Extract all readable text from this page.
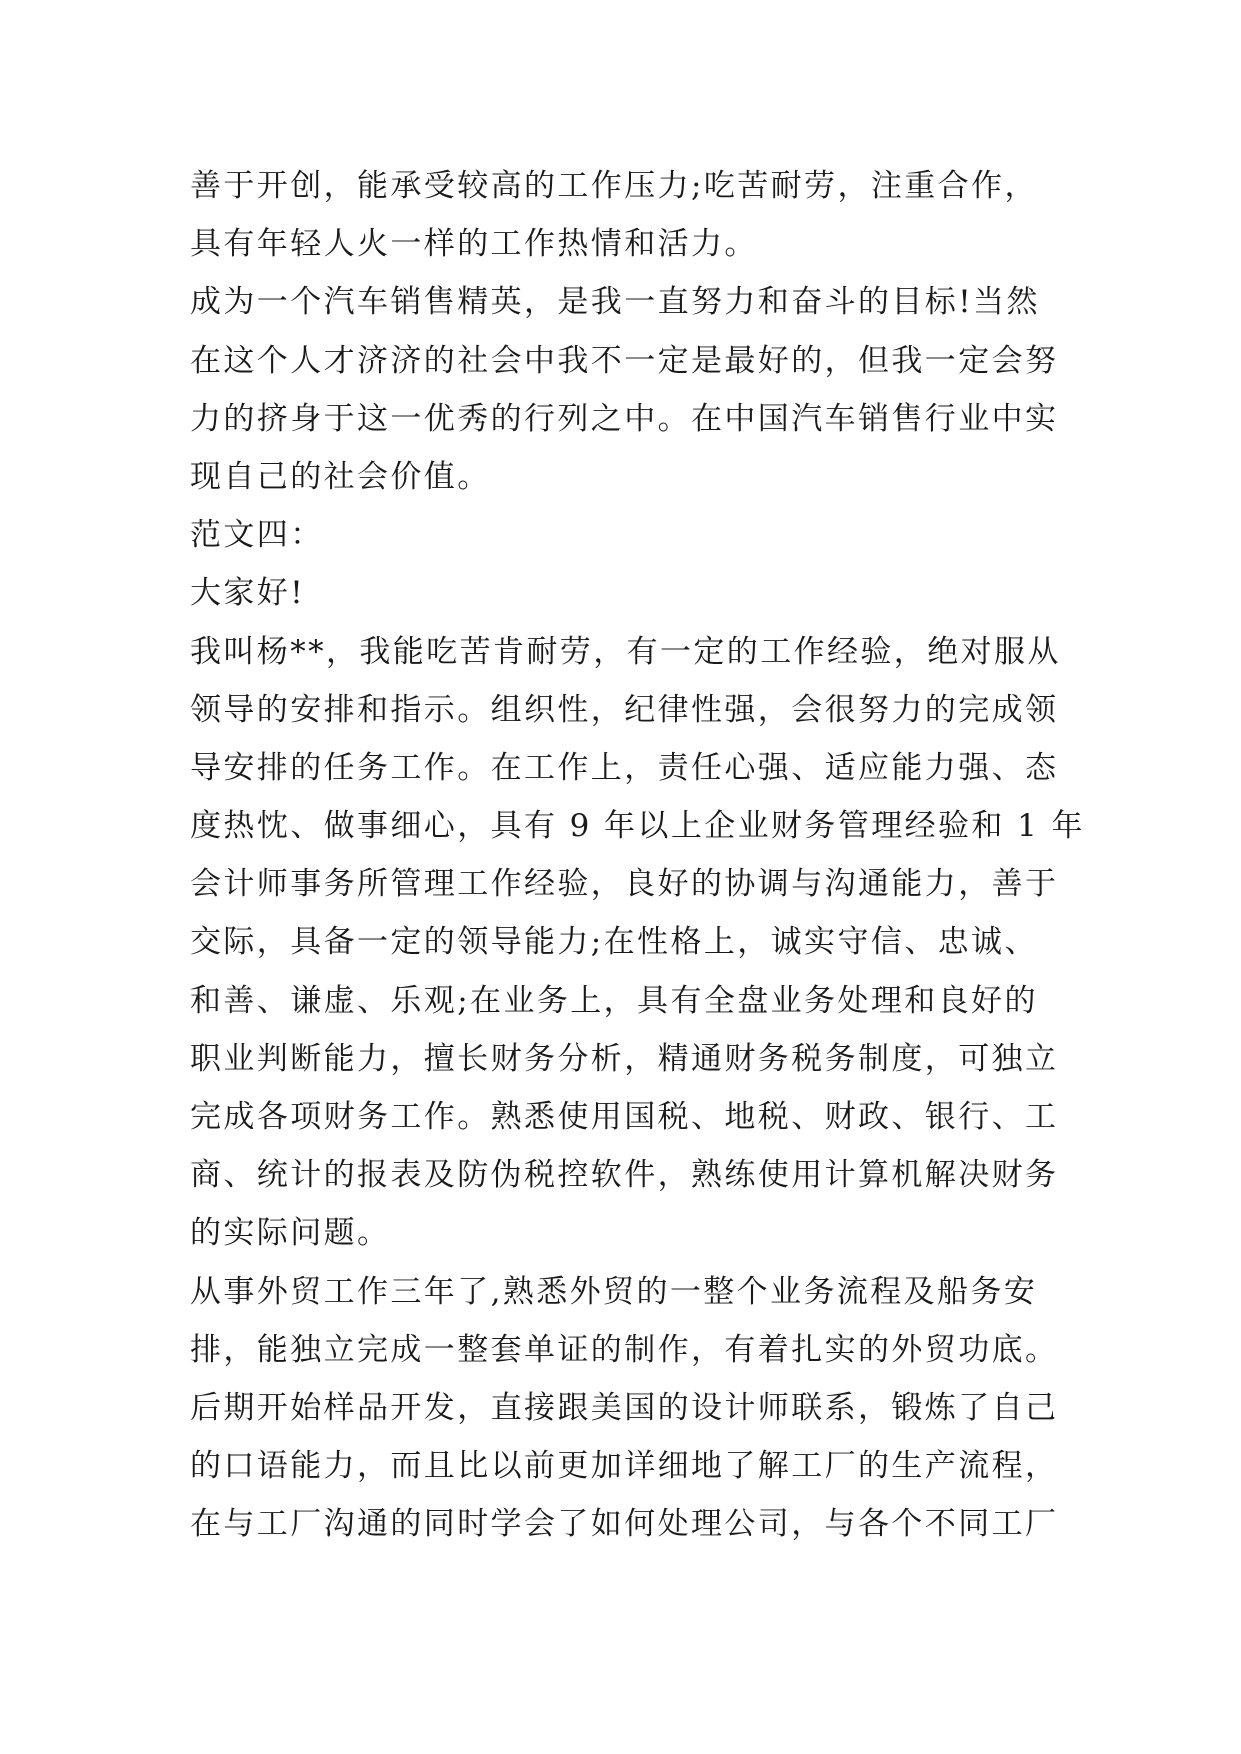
善于开创，能承受较高的工作压力;吃苦耐劳，注重合作，
具有年轻人火一样的工作热情和活力。
成为一个汽车销售精英，是我一直努力和奋斗的目标!当然
在这个人才济济的社会中我不一定是最好的，但我一定会努
力的挤身于这一优秀的行列之中。在中国汽车销售行业中实
现自己的社会价值。
范文四：
大家好!
我叫杨**，我能吃苦肯耐劳，有一定的工作经验，绝对服从
领导的安排和指示。组织性，纪律性强，会很努力的完成领
导安排的任务工作。在工作上，责任心强、适应能力强、态
度热忱、做事细心，具有 9 年以上企业财务管理经验和 1 年
会计师事务所管理工作经验，良好的协调与沟通能力，善于
交际，具备一定的领导能力;在性格上，诚实守信、忠诚、
和善、谦虚、乐观;在业务上，具有全盘业务处理和良好的
职业判断能力，擅长财务分析，精通财务税务制度，可独立
完成各项财务工作。熟悉使用国税、地税、财政、银行、工
商、统计的报表及防伪税控软件，熟练使用计算机解决财务
的实际问题。
从事外贸工作三年了,熟悉外贸的一整个业务流程及船务安
排，能独立完成一整套单证的制作，有着扎实的外贸功底。
后期开始样品开发，直接跟美国的设计师联系，锻炼了自己
的口语能力，而且比以前更加详细地了解工厂的生产流程，
在与工厂沟通的同时学会了如何处理公司，与各个不同工厂
